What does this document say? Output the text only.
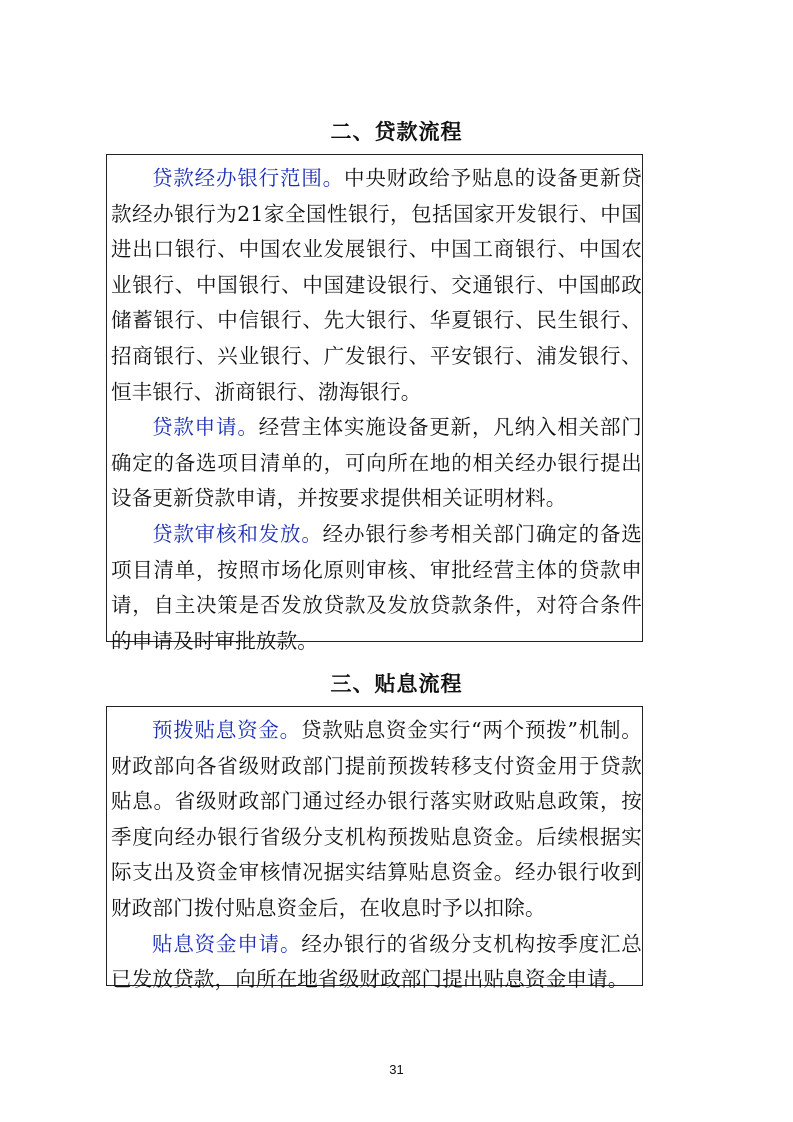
二、贷款流程

贷款经办银行范围。中央财政给予贴息的设备更新贷款经办银行为21家全国性银行，包括国家开发银行、中国进出口银行、中国农业发展银行、中国工商银行、中国农业银行、中国银行、中国建设银行、交通银行、中国邮政储蓄银行、中信银行、先大银行、华夏银行、民生银行、招商银行、兴业银行、广发银行、平安银行、浦发银行、恒丰银行、浙商银行、渤海银行。

贷款申请。经营主体实施设备更新，凡纳入相关部门确定的备选项目清单的，可向所在地的相关经办银行提出设备更新贷款申请，并按要求提供相关证明材料。

贷款审核和发放。经办银行参考相关部门确定的备选项目清单，按照市场化原则审核、审批经营主体的贷款申请，自主决策是否发放贷款及发放贷款条件，对符合条件的申请及时审批放款。

三、贴息流程

预拨贴息资金。贷款贴息资金实行“两个预拨”机制。财政部向各省级财政部门提前预拨转移支付资金用于贷款贴息。省级财政部门通过经办银行落实财政贴息政策，按季度向经办银行省级分支机构预拨贴息资金。后续根据实际支出及资金审核情况据实结算贴息资金。经办银行收到财政部门拨付贴息资金后，在收息时予以扣除。

贴息资金申请。经办银行的省级分支机构按季度汇总已发放贷款，向所在地省级财政部门提出贴息资金申请。

31
